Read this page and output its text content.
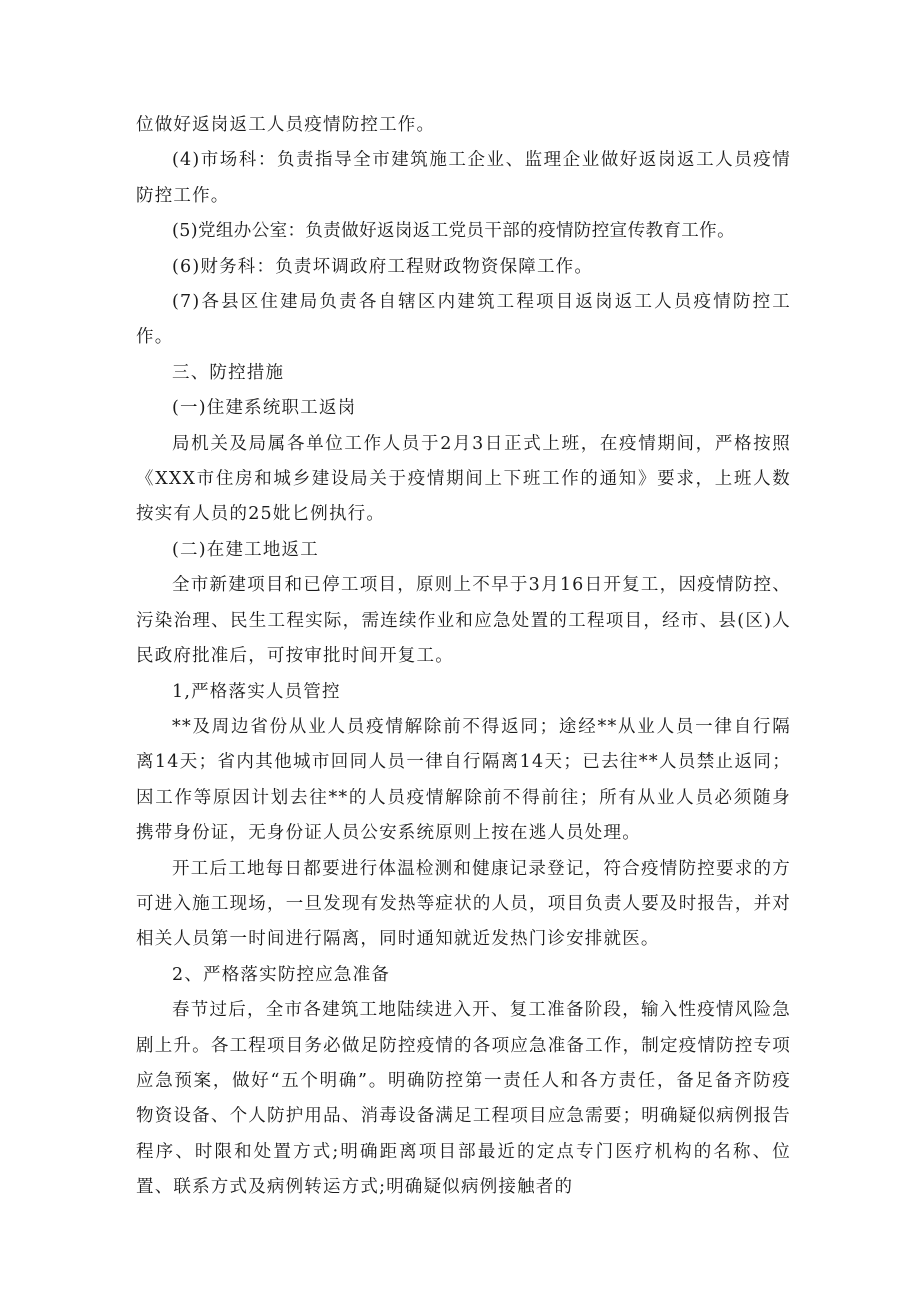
位做好返岗返工人员疫情防控工作。

(4)市场科：负责指导全市建筑施工企业、监理企业做好返岗返工人员疫情防控工作。

(5)党组办公室：负责做好返岗返工党员干部的疫情防控宣传教育工作。

(6)财务科：负责坏调政府工程财政物资保障工作。

(7)各县区住建局负责各自辖区内建筑工程项目返岗返工人员疫情防控工作。

三、防控措施

(一)住建系统职工返岗

局机关及局属各单位工作人员于2月3日正式上班，在疫情期间，严格按照《XXX市住房和城乡建设局关于疫情期间上下班工作的通知》要求，上班人数按实有人员的25妣匕例执行。

(二)在建工地返工

全市新建项目和已停工项目，原则上不早于3月16日开复工，因疫情防控、污染治理、民生工程实际，需连续作业和应急处置的工程项目，经市、县(区)人民政府批准后，可按审批时间开复工。

1,严格落实人员管控

**及周边省份从业人员疫情解除前不得返同；途经**从业人员一律自行隔离14天；省内其他城市回同人员一律自行隔离14天；已去往**人员禁止返同；因工作等原因计划去往**的人员疫情解除前不得前往；所有从业人员必须随身携带身份证，无身份证人员公安系统原则上按在逃人员处理。

开工后工地每日都要进行体温检测和健康记录登记，符合疫情防控要求的方可进入施工现场，一旦发现有发热等症状的人员，项目负责人要及时报告，并对相关人员第一时间进行隔离，同时通知就近发热门诊安排就医。

2、严格落实防控应急准备

春节过后，全市各建筑工地陆续进入开、复工准备阶段，输入性疫情风险急剧上升。各工程项目务必做足防控疫情的各项应急准备工作，制定疫情防控专项应急预案，做好“五个明确”。明确防控第一责任人和各方责任，备足备齐防疫物资设备、个人防护用品、消毒设备满足工程项目应急需要；明确疑似病例报告程序、时限和处置方式;明确距离项目部最近的定点专门医疗机构的名称、位置、联系方式及病例转运方式;明确疑似病例接触者的
